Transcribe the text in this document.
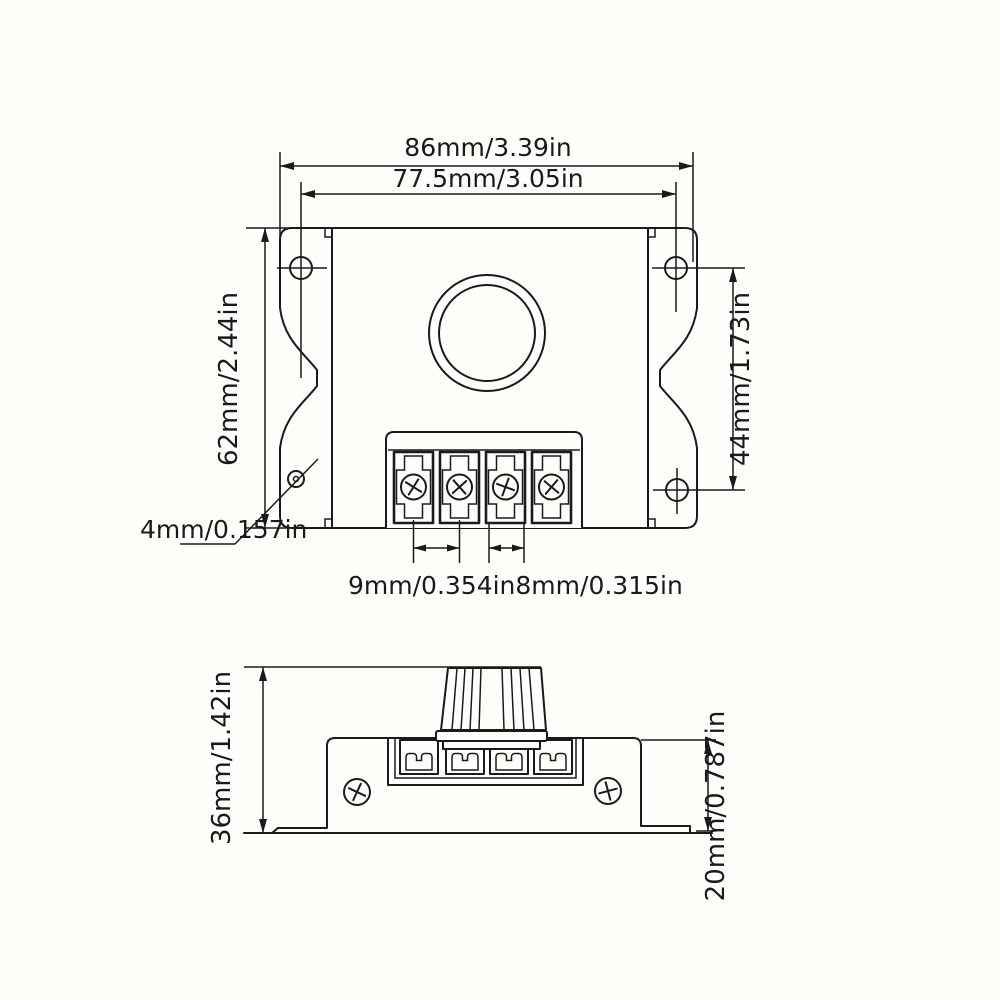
86mm/3.39in
77.5mm/3.05in
62mm/2.44in	44mm/1.73in
4mm/0.157in
9mm/0.354in8mm/0.315in
36mm/1.42in	20mm/0.787in
